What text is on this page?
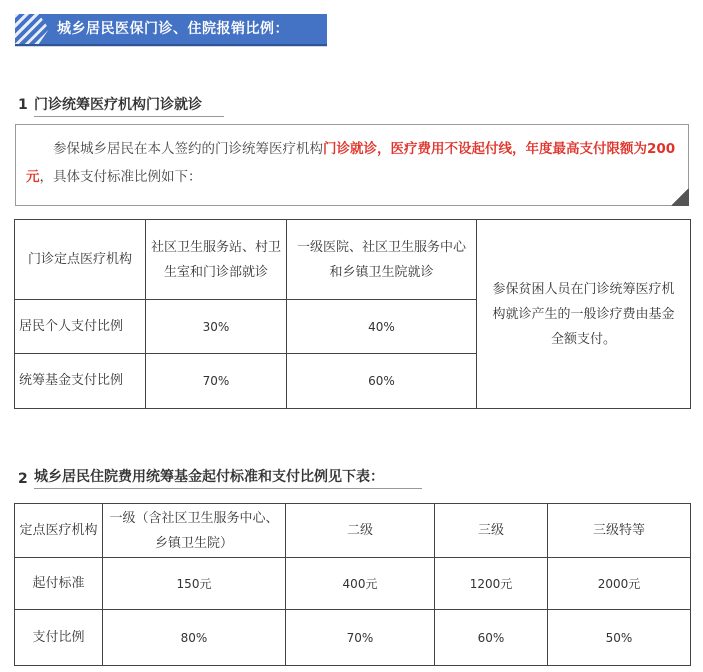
城乡居民医保门诊、住院报销比例：
1 门诊统筹医疗机构门诊就诊
参保城乡居民在本人签约的门诊统筹医疗机构门诊就诊，医疗费用不设起付线，年度最高支付限额为200元，具体支付标准比例如下：
门诊定点医疗机构	社区卫生服务站、村卫生室和门诊部就诊	一级医院、社区卫生服务中心和乡镇卫生院就诊	参保贫困人员在门诊统筹医疗机构就诊产生的一般诊疗费由基金全额支付。
居民个人支付比例	30%	40%	
统筹基金支付比例	70%	60%	
2 城乡居民住院费用统筹基金起付标准和支付比例见下表：
定点医疗机构	一级（含社区卫生服务中心、乡镇卫生院）	二级	三级	三级特等
起付标准	150元	400元	1200元	2000元
支付比例	80%	70%	60%	50%
